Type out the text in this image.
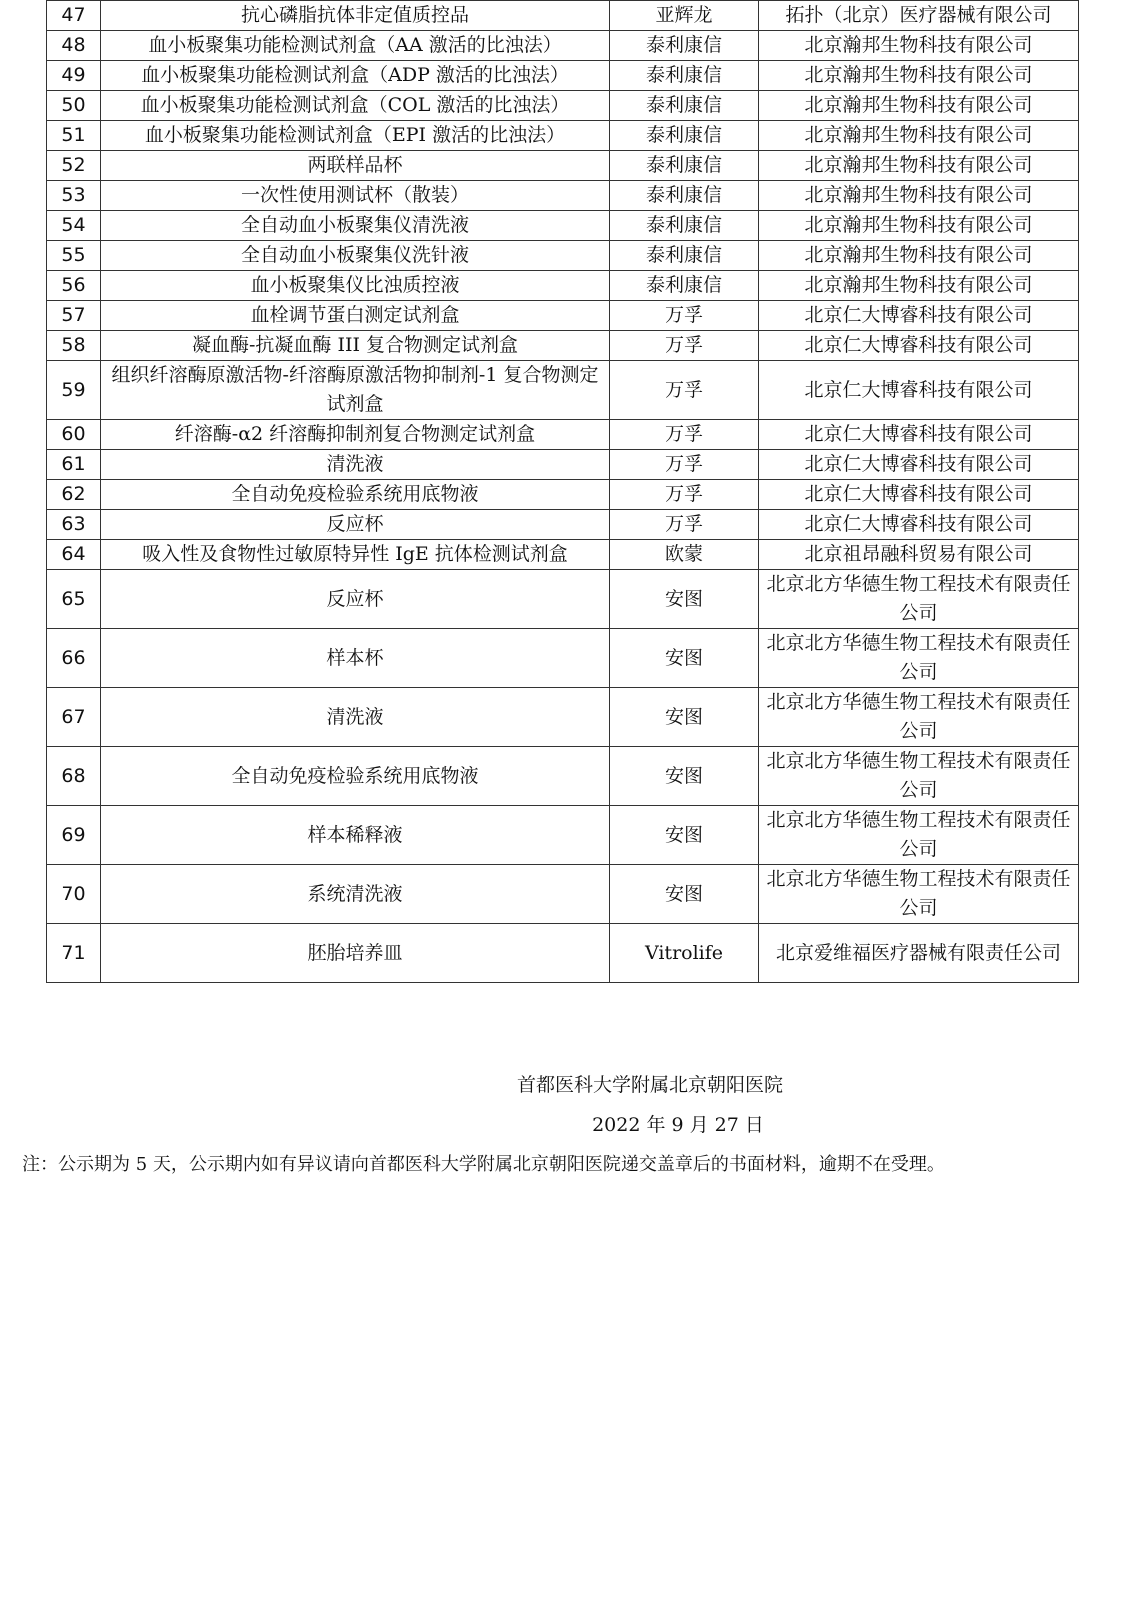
47	抗心磷脂抗体非定值质控品	亚辉龙	拓扑（北京）医疗器械有限公司
48	血小板聚集功能检测试剂盒（AA 激活的比浊法）	泰利康信	北京瀚邦生物科技有限公司
49	血小板聚集功能检测试剂盒（ADP 激活的比浊法）	泰利康信	北京瀚邦生物科技有限公司
50	血小板聚集功能检测试剂盒（COL 激活的比浊法）	泰利康信	北京瀚邦生物科技有限公司
51	血小板聚集功能检测试剂盒（EPI 激活的比浊法）	泰利康信	北京瀚邦生物科技有限公司
52	两联样品杯	泰利康信	北京瀚邦生物科技有限公司
53	一次性使用测试杯（散装）	泰利康信	北京瀚邦生物科技有限公司
54	全自动血小板聚集仪清洗液	泰利康信	北京瀚邦生物科技有限公司
55	全自动血小板聚集仪洗针液	泰利康信	北京瀚邦生物科技有限公司
56	血小板聚集仪比浊质控液	泰利康信	北京瀚邦生物科技有限公司
57	血栓调节蛋白测定试剂盒	万孚	北京仁大博睿科技有限公司
58	凝血酶-抗凝血酶 III 复合物测定试剂盒	万孚	北京仁大博睿科技有限公司
59	组织纤溶酶原激活物-纤溶酶原激活物抑制剂-1 复合物测定试剂盒	万孚	北京仁大博睿科技有限公司
60	纤溶酶-α2 纤溶酶抑制剂复合物测定试剂盒	万孚	北京仁大博睿科技有限公司
61	清洗液	万孚	北京仁大博睿科技有限公司
62	全自动免疫检验系统用底物液	万孚	北京仁大博睿科技有限公司
63	反应杯	万孚	北京仁大博睿科技有限公司
64	吸入性及食物性过敏原特异性 IgE 抗体检测试剂盒	欧蒙	北京祖昂融科贸易有限公司
65	反应杯	安图	北京北方华德生物工程技术有限责任公司
66	样本杯	安图	北京北方华德生物工程技术有限责任公司
67	清洗液	安图	北京北方华德生物工程技术有限责任公司
68	全自动免疫检验系统用底物液	安图	北京北方华德生物工程技术有限责任公司
69	样本稀释液	安图	北京北方华德生物工程技术有限责任公司
70	系统清洗液	安图	北京北方华德生物工程技术有限责任公司
71	胚胎培养皿	Vitrolife	北京爱维福医疗器械有限责任公司
首都医科大学附属北京朝阳医院
2022 年 9 月 27 日
注：公示期为 5 天，公示期内如有异议请向首都医科大学附属北京朝阳医院递交盖章后的书面材料，逾期不在受理。
